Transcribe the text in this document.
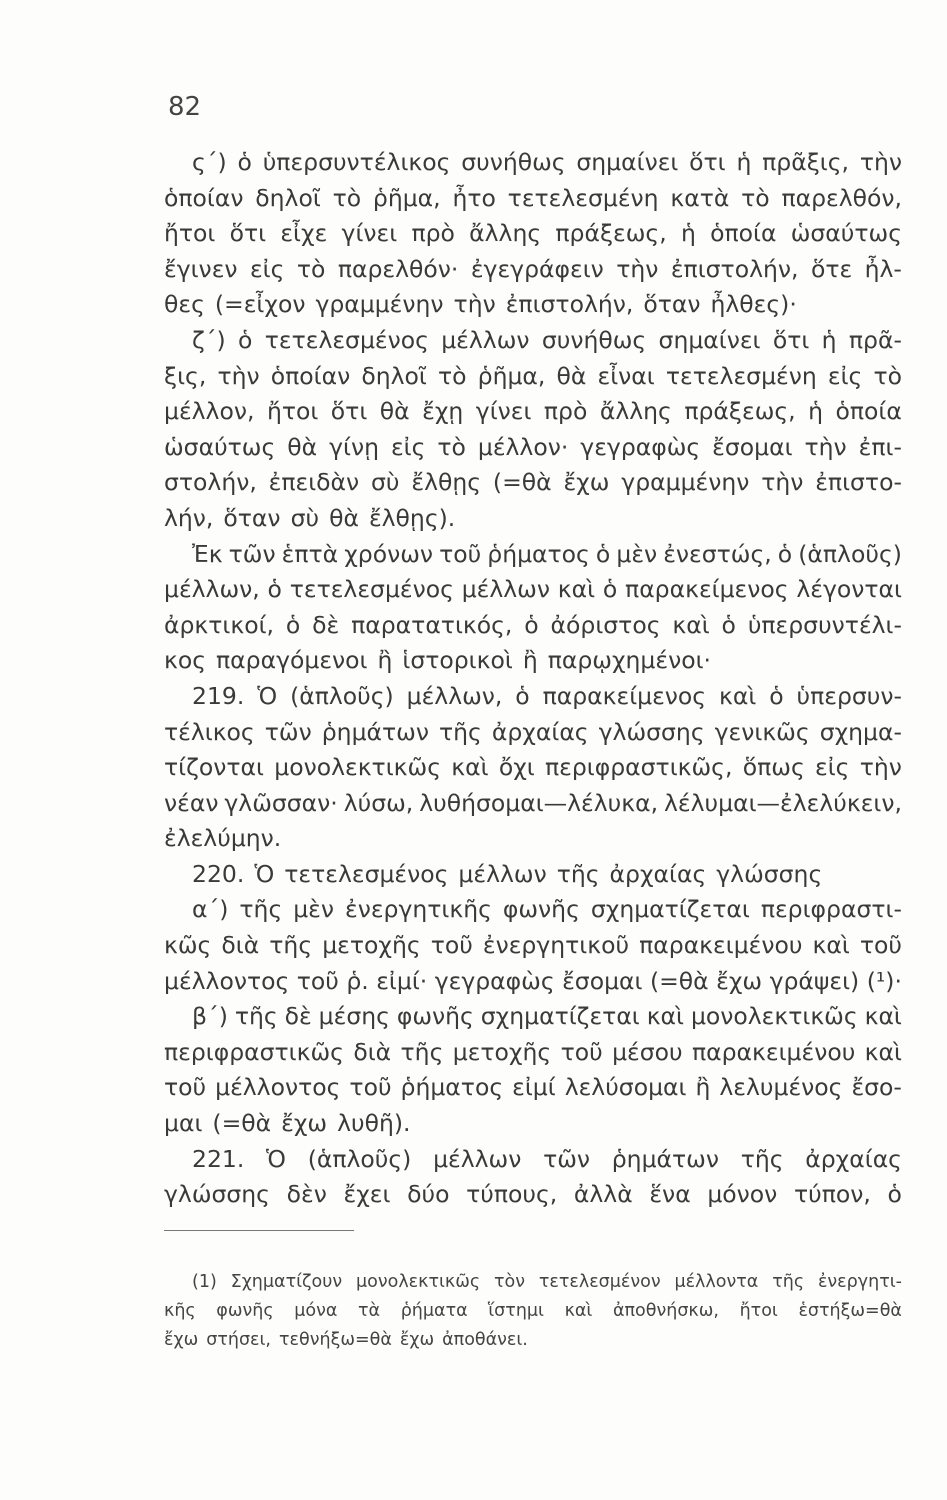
82
ς΄) ὁ ὑπερσυντέλικος συνήθως σημαίνει ὅτι ἡ πρᾶξις, τὴν
ὁποίαν δηλοῖ τὸ ῥῆμα, ἦτο τετελεσμένη κατὰ τὸ παρελθόν,
ἤτοι ὅτι εἶχε γίνει πρὸ ἄλλης πράξεως, ἡ ὁποία ὡσαύτως
ἔγινεν εἰς τὸ παρελθόν· ἐγεγράφειν τὴν ἐπιστολήν, ὅτε ἦλ-
θες (=εἶχον γραμμένην τὴν ἐπιστολήν, ὅταν ἦλθες)·
ζ΄) ὁ τετελεσμένος μέλλων συνήθως σημαίνει ὅτι ἡ πρᾶ-
ξις, τὴν ὁποίαν δηλοῖ τὸ ῥῆμα, θὰ εἶναι τετελεσμένη εἰς τὸ
μέλλον, ἤτοι ὅτι θὰ ἔχῃ γίνει πρὸ ἄλλης πράξεως, ἡ ὁποία
ὡσαύτως θὰ γίνῃ εἰς τὸ μέλλον· γεγραφὼς ἔσομαι τὴν ἐπι-
στολήν, ἐπειδὰν σὺ ἔλθῃς (=θὰ ἔχω γραμμένην τὴν ἐπιστο-
λήν, ὅταν σὺ θὰ ἔλθῃς).
Ἐκ τῶν ἑπτὰ χρόνων τοῦ ῥήματος ὁ μὲν ἐνεστώς, ὁ (ἁπλοῦς)
μέλλων, ὁ τετελεσμένος μέλλων καὶ ὁ παρακείμενος λέγονται
ἀρκτικοί, ὁ δὲ παρατατικός, ὁ ἀόριστος καὶ ὁ ὑπερσυντέλι-
κος παραγόμενοι ἢ ἱστορικοὶ ἢ παρῳχημένοι·
219. Ὁ (ἁπλοῦς) μέλλων, ὁ παρακείμενος καὶ ὁ ὑπερσυν-
τέλικος τῶν ῥημάτων τῆς ἀρχαίας γλώσσης γενικῶς σχημα-
τίζονται μονολεκτικῶς καὶ ὄχι περιφραστικῶς, ὅπως εἰς τὴν
νέαν γλῶσσαν· λύσω, λυθήσομαι—λέλυκα, λέλυμαι—ἐλελύκειν,
ἐλελύμην.
220. Ὁ τετελεσμένος μέλλων τῆς ἀρχαίας γλώσσης
α΄) τῆς μὲν ἐνεργητικῆς φωνῆς σχηματίζεται περιφραστι-
κῶς διὰ τῆς μετοχῆς τοῦ ἐνεργητικοῦ παρακειμένου καὶ τοῦ
μέλλοντος τοῦ ῥ. εἰμί· γεγραφὼς ἔσομαι (=θὰ ἔχω γράψει) (¹)·
β΄) τῆς δὲ μέσης φωνῆς σχηματίζεται καὶ μονολεκτικῶς καὶ
περιφραστικῶς διὰ τῆς μετοχῆς τοῦ μέσου παρακειμένου καὶ
τοῦ μέλλοντος τοῦ ῥήματος εἰμί λελύσομαι ἢ λελυμένος ἔσο-
μαι (=θὰ ἔχω λυθῆ).
221. Ὁ (ἁπλοῦς) μέλλων τῶν ῥημάτων τῆς ἀρχαίας
γλώσσης δὲν ἔχει δύο τύπους, ἀλλὰ ἕνα μόνον τύπον, ὁ
(1) Σχηματίζουν μονολεκτικῶς τὸν τετελεσμένον μέλλοντα τῆς ἐνεργητι-
κῆς φωνῆς μόνα τὰ ῥήματα ἵστημι καὶ ἀποθνήσκω, ἤτοι ἑστήξω=θὰ
ἔχω στήσει, τεθνήξω=θὰ ἔχω ἀποθάνει.
